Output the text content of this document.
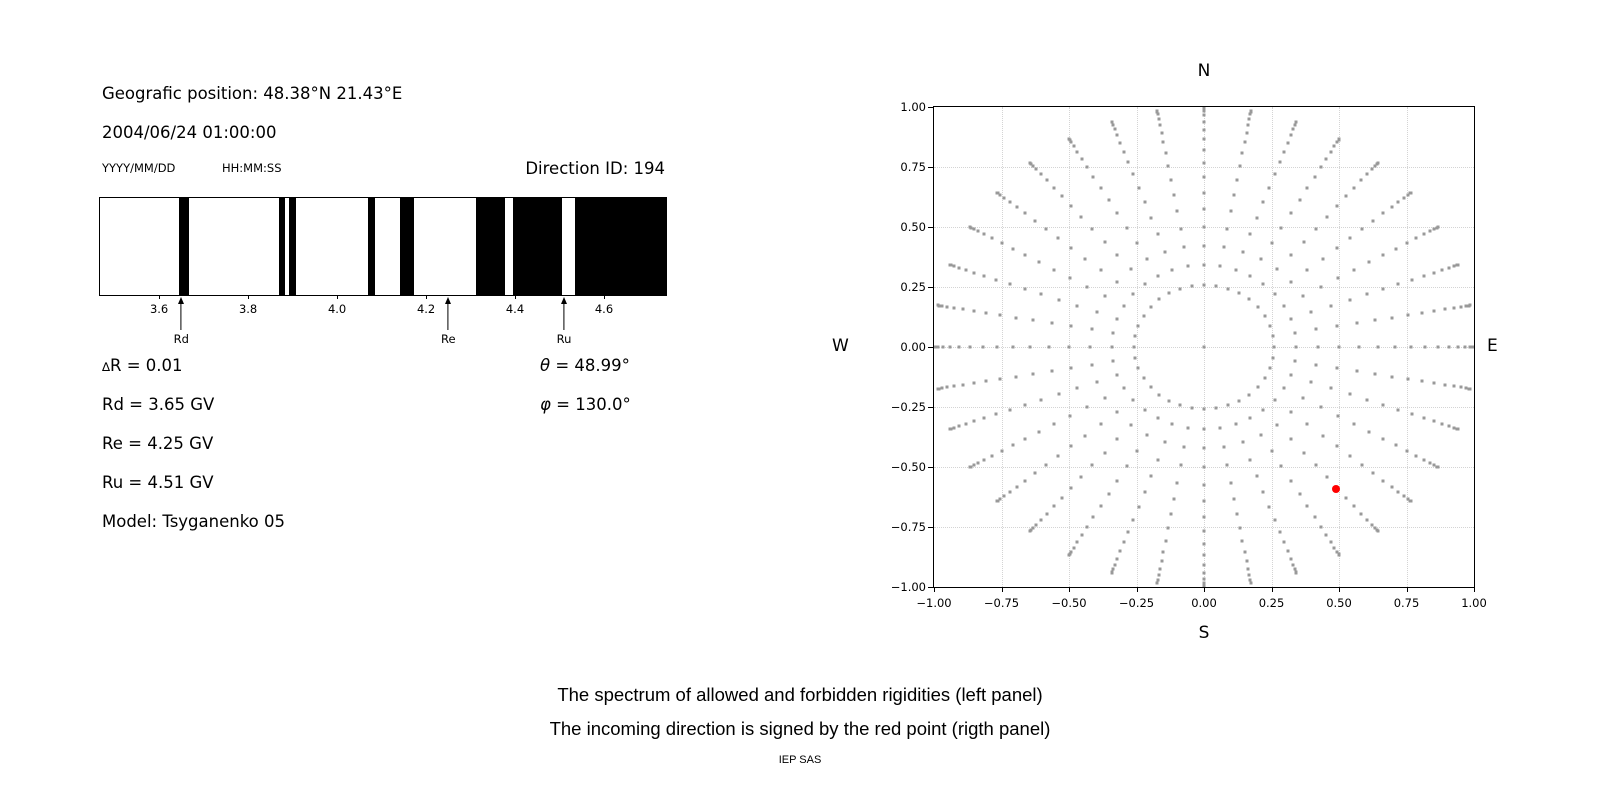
Geografic position: 48.38°N 21.43°E
2004/06/24 01:00:00
YYYY/MM/DD	HH:MM:SS	Direction ID: 194
3.6	3.8	4.0	4.2	4.4	4.6
Rd	Re	Ru
∆R = 0.01
Rd = 3.65 GV
Re = 4.25 GV
Ru = 4.51 GV
Model: Tsyganenko 05
θ = 48.99°
φ = 130.0°
N
S
W	E
−1.00	−0.75	−0.50	−0.25	0.00	0.25	0.50	0.75	1.00
−1.00
−0.75
−0.50
−0.25
0.00
0.25
0.50
0.75
1.00
The spectrum of allowed and forbidden rigidities (left panel)
The incoming direction is signed by the red point (rigth panel)
IEP SAS
